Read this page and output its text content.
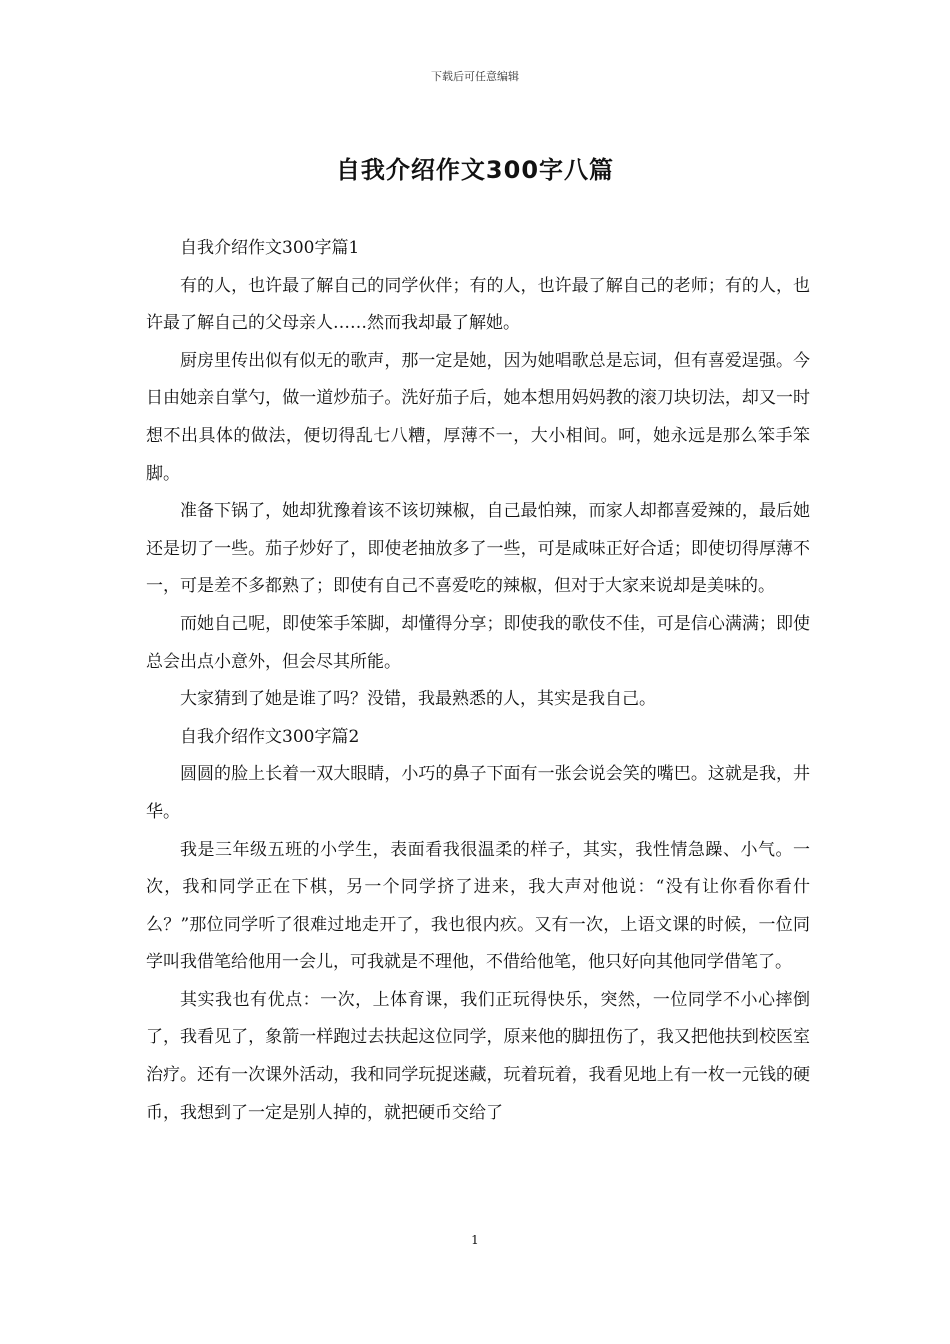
下载后可任意编辑
自我介绍作文300字八篇

自我介绍作文300字篇1

有的人，也许最了解自己的同学伙伴；有的人，也许最了解自己的老师；有的人，也许最了解自己的父母亲人……然而我却最了解她。

厨房里传出似有似无的歌声，那一定是她，因为她唱歌总是忘词，但有喜爱逞强。今日由她亲自掌勺，做一道炒茄子。洗好茄子后，她本想用妈妈教的滚刀块切法，却又一时想不出具体的做法，便切得乱七八糟，厚薄不一，大小相间。呵，她永远是那么笨手笨脚。

准备下锅了，她却犹豫着该不该切辣椒，自己最怕辣，而家人却都喜爱辣的，最后她还是切了一些。茄子炒好了，即使老抽放多了一些，可是咸味正好合适；即使切得厚薄不一，可是差不多都熟了；即使有自己不喜爱吃的辣椒，但对于大家来说却是美味的。

而她自己呢，即使笨手笨脚，却懂得分享；即使我的歌伎不佳，可是信心满满；即使总会出点小意外，但会尽其所能。

大家猜到了她是谁了吗？没错，我最熟悉的人，其实是我自己。

自我介绍作文300字篇2

圆圆的脸上长着一双大眼睛，小巧的鼻子下面有一张会说会笑的嘴巴。这就是我，井华。

我是三年级五班的小学生，表面看我很温柔的样子，其实，我性情急躁、小气。一次，我和同学正在下棋，另一个同学挤了进来，我大声对他说：“没有让你看你看什么？”那位同学听了很难过地走开了，我也很内疚。又有一次，上语文课的时候，一位同学叫我借笔给他用一会儿，可我就是不理他，不借给他笔，他只好向其他同学借笔了。

其实我也有优点：一次，上体育课，我们正玩得快乐，突然，一位同学不小心摔倒了，我看见了，象箭一样跑过去扶起这位同学，原来他的脚扭伤了，我又把他扶到校医室治疗。还有一次课外活动，我和同学玩捉迷藏，玩着玩着，我看见地上有一枚一元钱的硬币，我想到了一定是别人掉的，就把硬币交给了

1
